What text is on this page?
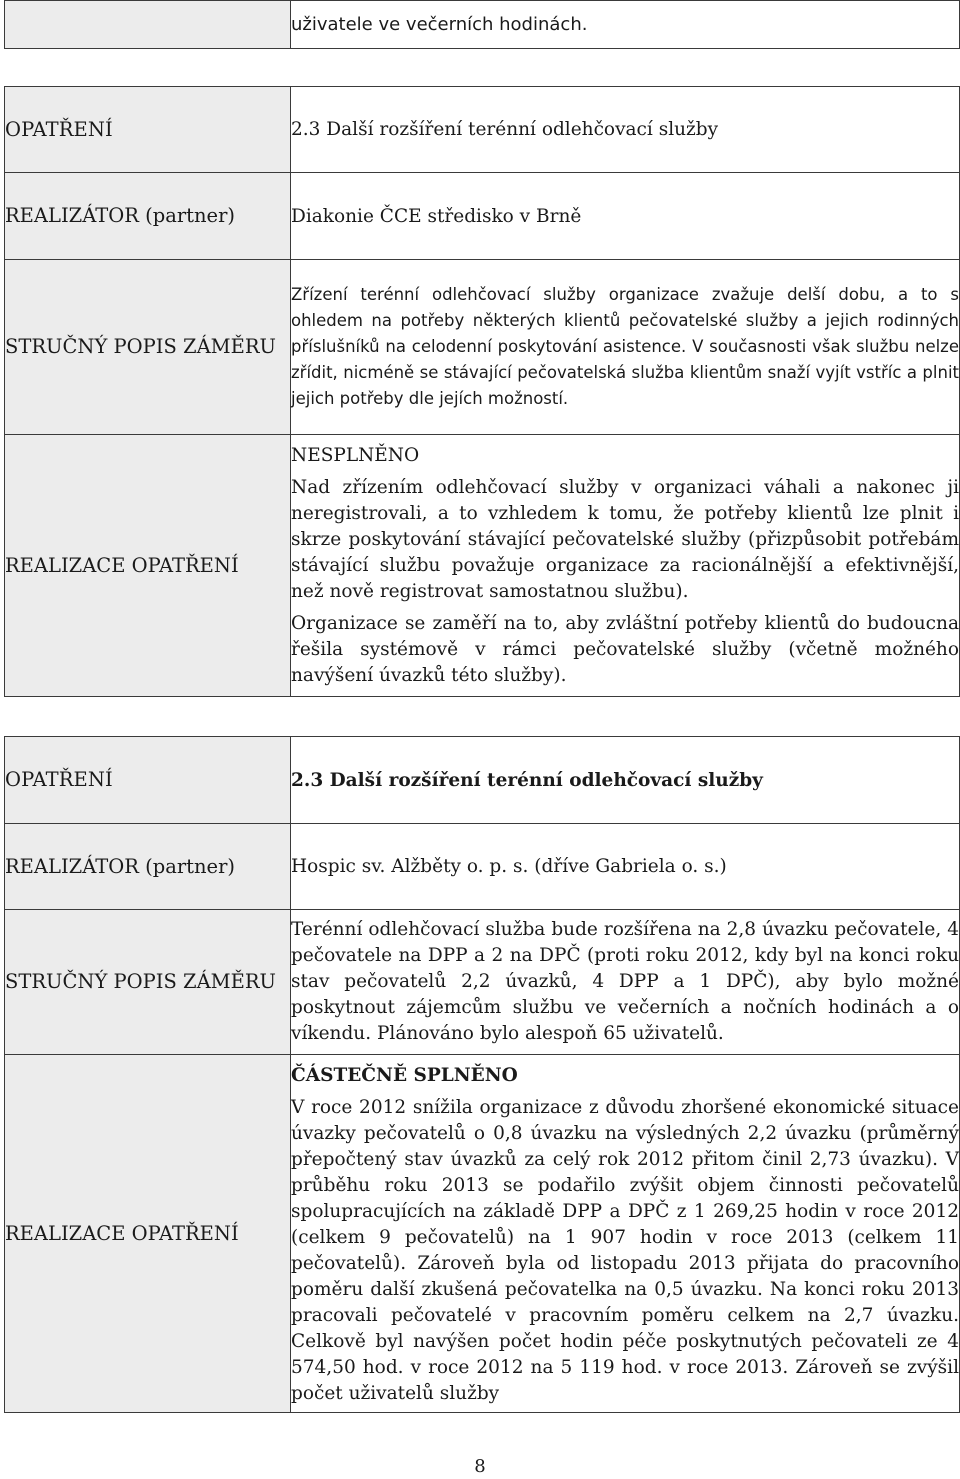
	uživatele ve večerních hodinách.
OPATŘENÍ	2.3 Další rozšíření terénní odlehčovací služby
REALIZÁTOR (partner)	Diakonie ČCE středisko v Brně
STRUČNÝ POPIS ZÁMĚRU	Zřízení terénní odlehčovací služby organizace zvažuje delší dobu, a to s ohledem na potřeby některých klientů pečovatelské služby a jejich rodinných příslušníků na celodenní poskytování asistence. V současnosti však službu nelze zřídit, nicméně se stávající pečovatelská služba klientům snaží vyjít vstříc a plnit jejich potřeby dle jejích možností.

REALIZACE OPATŘENÍ	NESPLNĚNO

Nad zřízením odlehčovací služby v organizaci váhali a nakonec ji neregistrovali, a to vzhledem k tomu, že potřeby klientů lze plnit i skrze poskytování stávající pečovatelské služby (přizpůsobit potřebám stávající službu považuje organizace za racionálnější a efektivnější, než nově registrovat samostatnou službu).

Organizace se zaměří na to, aby zvláštní potřeby klientů do budoucna řešila systémově v rámci pečovatelské služby (včetně možného navýšení úvazků této služby).

OPATŘENÍ	2.3 Další rozšíření terénní odlehčovací služby
REALIZÁTOR (partner)	Hospic sv. Alžběty o. p. s. (dříve Gabriela o. s.)
STRUČNÝ POPIS ZÁMĚRU	Terénní odlehčovací služba bude rozšířena na 2,8 úvazku pečovatele, 4 pečovatele na DPP a 2 na DPČ (proti roku 2012, kdy byl na konci roku stav pečovatelů 2,2 úvazků, 4 DPP a 1 DPČ), aby bylo možné poskytnout zájemcům službu ve večerních a nočních hodinách a o víkendu. Plánováno bylo alespoň 65 uživatelů.

REALIZACE OPATŘENÍ	ČÁSTEČNĚ SPLNĚNO

V roce 2012 snížila organizace z důvodu zhoršené ekonomické situace úvazky pečovatelů o 0,8 úvazku na výsledných 2,2 úvazku (průměrný přepočtený stav úvazků za celý rok 2012 přitom činil 2,73 úvazku). V průběhu roku 2013 se podařilo zvýšit objem činnosti pečovatelů spolupracujících na základě DPP a DPČ z 1 269,25 hodin v roce 2012 (celkem 9 pečovatelů) na 1 907 hodin v roce 2013 (celkem 11 pečovatelů). Zároveň byla od listopadu 2013 přijata do pracovního poměru další zkušená pečovatelka na 0,5 úvazku. Na konci roku 2013 pracovali pečovatelé v pracovním poměru celkem na 2,7 úvazku. Celkově byl navýšen počet hodin péče poskytnutých pečovateli ze 4 574,50 hod. v roce 2012 na 5 119 hod. v roce 2013. Zároveň se zvýšil počet uživatelů služby

8
